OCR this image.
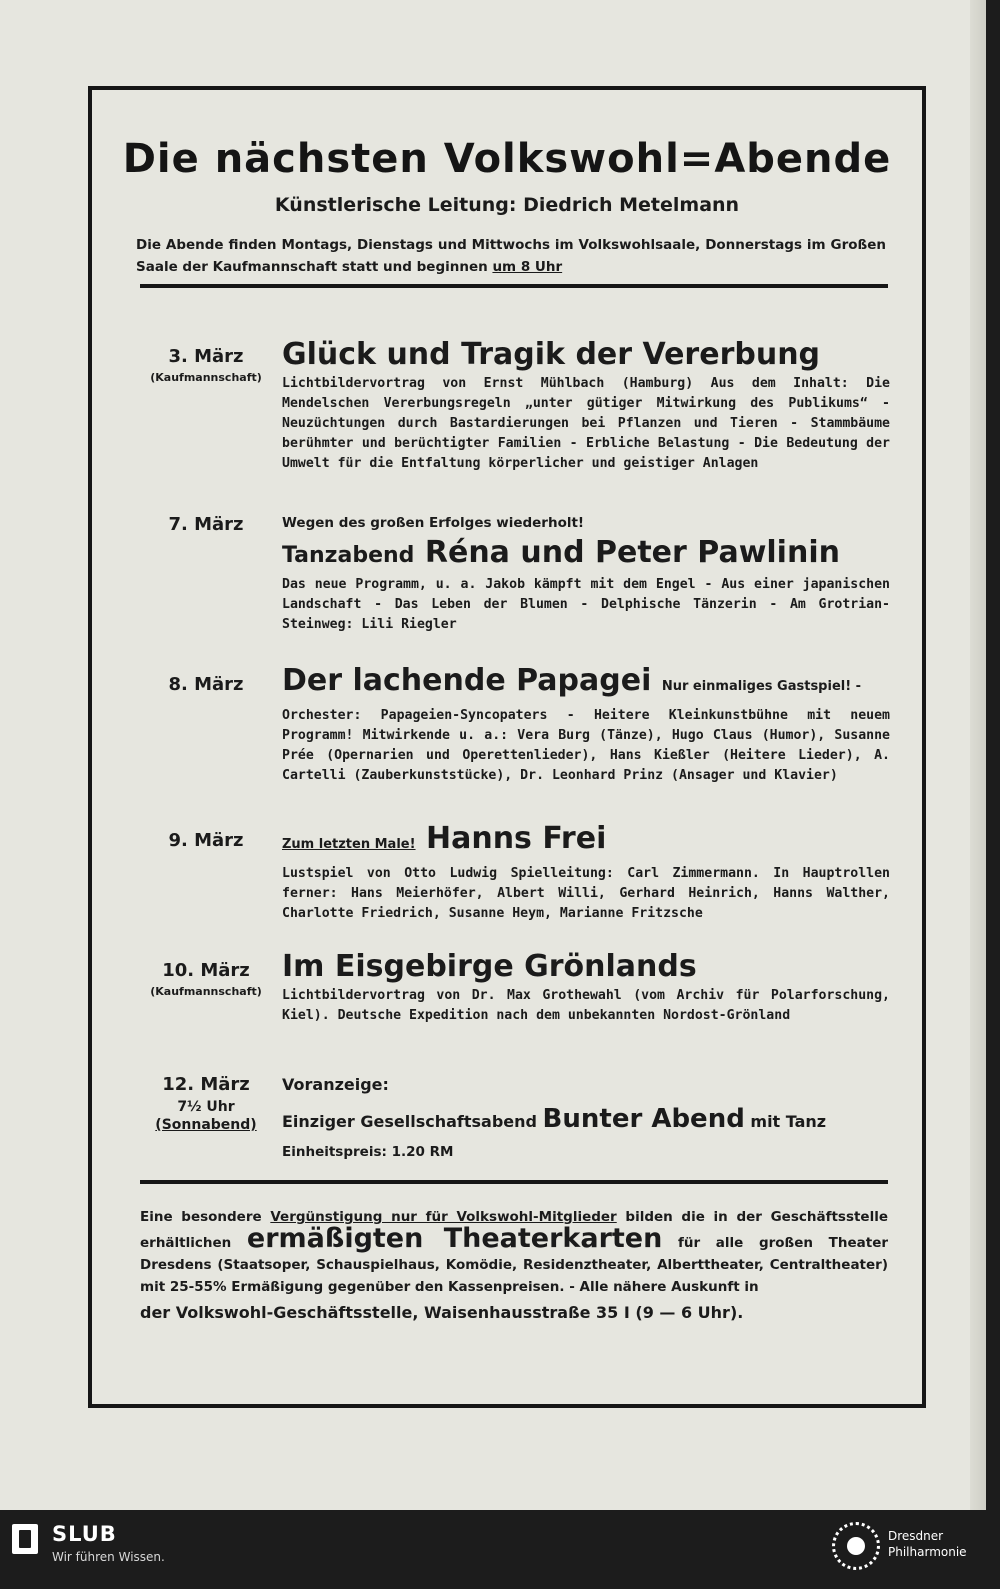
Die nächsten Volkswohl=Abende
Künstlerische Leitung: Diedrich Metelmann
Die Abende finden Montags, Dienstags und Mittwochs im Volkswohlsaale, Donnerstags im Großen Saale der Kaufmannschaft statt und beginnen um 8 Uhr
3. März
(Kaufmannschaft)
Glück und Tragik der Vererbung
Lichtbildervortrag von Ernst Mühlbach (Hamburg) Aus dem Inhalt: Die Mendelschen Vererbungsregeln „unter gütiger Mitwirkung des Publikums“ - Neuzüchtungen durch Bastardierungen bei Pflanzen und Tieren - Stammbäume berühmter und berüchtigter Familien - Erbliche Belastung - Die Bedeutung der Umwelt für die Entfaltung körperlicher und geistiger Anlagen
7. März	Wegen des großen Erfolges wiederholt!
Tanzabend Réna und Peter Pawlinin
Das neue Programm, u. a. Jakob kämpft mit dem Engel - Aus einer japanischen Landschaft - Das Leben der Blumen - Delphische Tänzerin - Am Grotrian-Steinweg: Lili Riegler
8. März	Der lachende Papagei Nur einmaliges Gastspiel! -
Orchester: Papageien-Syncopaters - Heitere Kleinkunstbühne mit neuem Programm! Mitwirkende u. a.: Vera Burg (Tänze), Hugo Claus (Humor), Susanne Prée (Opernarien und Operettenlieder), Hans Kießler (Heitere Lieder), A. Cartelli (Zauberkunststücke), Dr. Leonhard Prinz (Ansager und Klavier)
9. März	Zum letzten Male! Hanns Frei
Lustspiel von Otto Ludwig Spielleitung: Carl Zimmermann. In Hauptrollen ferner: Hans Meierhöfer, Albert Willi, Gerhard Heinrich, Hanns Walther, Charlotte Friedrich, Susanne Heym, Marianne Fritzsche
10. März
(Kaufmannschaft)
Im Eisgebirge Grönlands
Lichtbildervortrag von Dr. Max Grothewahl (vom Archiv für Polarforschung, Kiel). Deutsche Expedition nach dem unbekannten Nordost-Grönland
12. März
7½ Uhr
(Sonnabend)
Voranzeige:
Einziger Gesellschaftsabend Bunter Abend mit Tanz
Einheitspreis: 1.20 RM
Eine besondere Vergünstigung nur für Volkswohl-Mitglieder bilden die in der Geschäftsstelle erhältlichen ermäßigten Theaterkarten für alle großen Theater Dresdens (Staatsoper, Schauspielhaus, Komödie, Residenztheater, Alberttheater, Centraltheater) mit 25-55% Ermäßigung gegenüber den Kassenpreisen. - Alle nähere Auskunft in
der Volkswohl-Geschäftsstelle, Waisenhausstraße 35 I (9 — 6 Uhr).
SLUB
Wir führen Wissen.
Dresdner
Philharmonie
